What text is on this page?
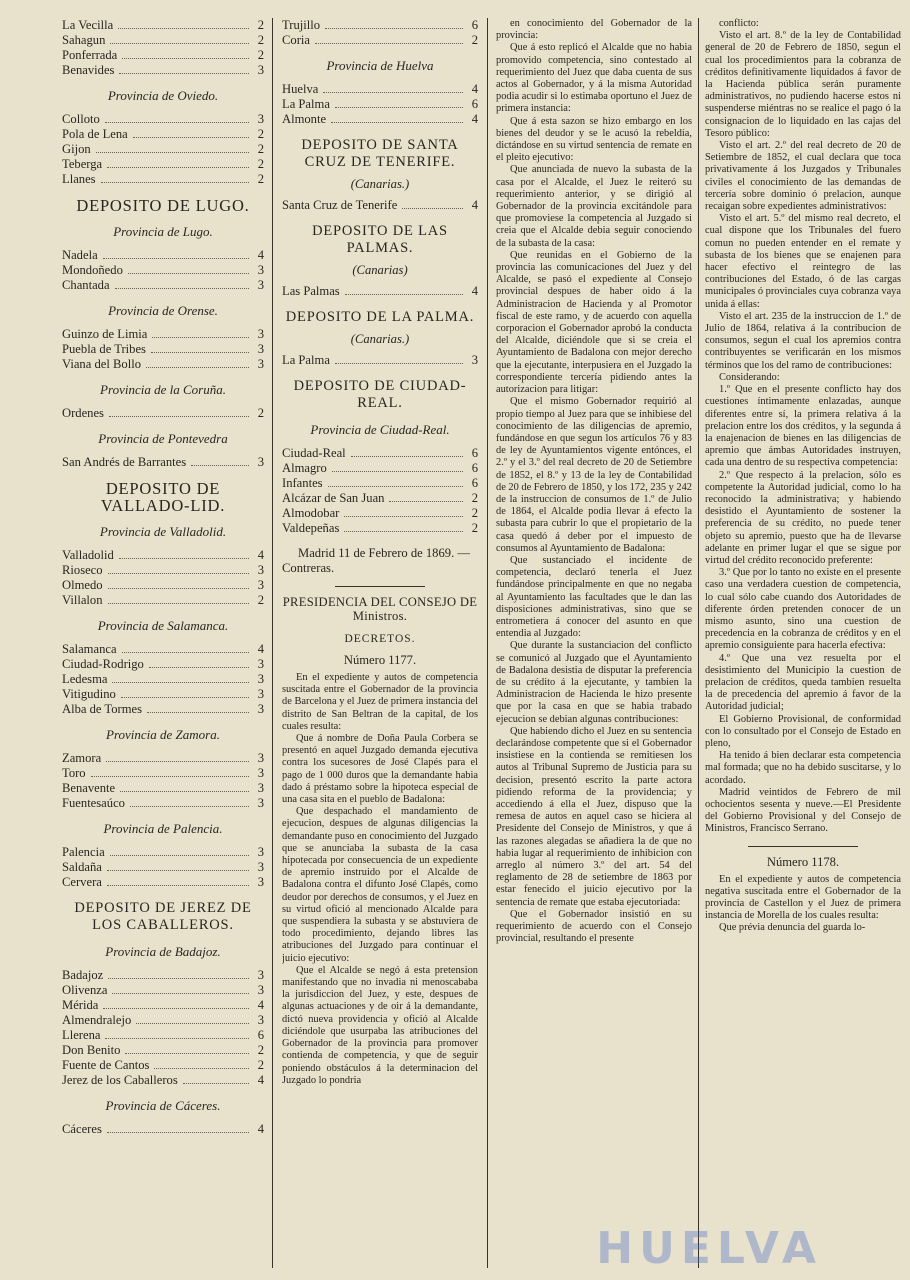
La Vecilla	2
Sahagun	2
Ponferrada	2
Benavides	3
Provincia de Oviedo.
Colloto	3
Pola de Lena	2
Gijon	2
Teberga	2
Llanes	2
DEPOSITO DE LUGO.
Provincia de Lugo.
Nadela	4
Mondoñedo	3
Chantada	3
Provincia de Orense.
Guinzo de Limia	3
Puebla de Tribes	3
Viana del Bollo	3
Provincia de la Coruña.
Ordenes	2
Provincia de Pontevedra
San Andrés de Barrantes	3
DEPOSITO DE VALLADO-LID.
Provincia de Valladolid.
Valladolid	4
Rioseco	3
Olmedo	3
Villalon	2
Provincia de Salamanca.
Salamanca	4
Ciudad-Rodrigo	3
Ledesma	3
Vitigudino	3
Alba de Tormes	3
Provincia de Zamora.
Zamora	3
Toro	3
Benavente	3
Fuentesaúco	3
Provincia de Palencia.
Palencia	3
Saldaña	3
Cervera	3
DEPOSITO DE JEREZ DE LOS CABALLEROS.
Provincia de Badajoz.
Badajoz	3
Olivenza	3
Mérida	4
Almendralejo	3
Llerena	6
Don Benito	2
Fuente de Cantos	2
Jerez de los Caballeros	4
Provincia de Cáceres.
Cáceres	4
Trujillo	6
Coria	2
Provincia de Huelva
Huelva	4
La Palma	6
Almonte	4
DEPOSITO DE SANTA CRUZ DE TENERIFE.
(Canarias.)
Santa Cruz de Tenerife	4
DEPOSITO DE LAS PALMAS.
(Canarias)
Las Palmas	4
DEPOSITO DE LA PALMA.
(Canarias.)
La Palma	3
DEPOSITO DE CIUDAD-REAL.
Provincia de Ciudad-Real.
Ciudad-Real	6
Almagro	6
Infantes	6
Alcázar de San Juan	2
Almodobar	2
Valdepeñas	2

Madrid 11 de Febrero de 1869. —Contreras.

PRESIDENCIA DEL CONSEJO DE Ministros.
DECRETOS.
Número 1177.

En el expediente y autos de competencia suscitada entre el Gobernador de la provincia de Barcelona y el Juez de primera instancia del distrito de San Beltran de la capital, de los cuales resulta:

Que á nombre de Doña Paula Corbera se presentó en aquel Juzgado demanda ejecutiva contra los sucesores de José Clapés para el pago de 1 000 duros que la demandante habia dado á préstamo sobre la hipoteca especial de una casa sita en el pueblo de Badalona:

Que despachado el mandamiento de ejecucion, despues de algunas diligencias la demandante puso en conocimiento del Juzgado que se anunciaba la subasta de la casa hipotecada por consecuencia de un expediente de apremio instruido por el Alcalde de Badalona contra el difunto José Clapés, como deudor por derechos de consumos, y el Juez en su virtud ofició al mencionado Alcalde para que suspendiera la subasta y se abstuviera de todo procedimiento, dejando libres las atribuciones del Juzgado para continuar el juicio ejecutivo:

Que el Alcalde se negó á esta pretension manifestando que no invadia ni menoscababa la jurisdiccion del Juez, y este, despues de algunas actuaciones y de oir á la demandante, dictó nueva providencia y ofició al Alcalde diciéndole que usurpaba las atribuciones del Gobernador de la provincia para promover contienda de competencia, y que de seguir poniendo obstáculos á la determinacion del Juzgado lo pondria

en conocimiento del Gobernador de la provincia:

Que á esto replicó el Alcalde que no habia promovido competencia, sino contestado al requerimiento del Juez que daba cuenta de sus actos al Gobernador, y á la misma Autoridad podia acudir si lo estimaba oportuno el Juez de primera instancia:

Que á esta sazon se hizo embargo en los bienes del deudor y se le acusó la rebeldía, dictándose en su virtud sentencia de remate en el pleito ejecutivo:

Que anunciada de nuevo la subasta de la casa por el Alcalde, el Juez le reiteró su requerimiento anterior, y se dirigió al Gobernador de la provincia excitándole para que promoviese la competencia al Juzgado si creia que el Alcalde debia seguir conociendo de la subasta de la casa:

Que reunidas en el Gobierno de la provincia las comunicaciones del Juez y del Alcalde, se pasó el expediente al Consejo provincial despues de haber oido á la Administracion de Hacienda y al Promotor fiscal de este ramo, y de acuerdo con aquella corporacion el Gobernador aprobó la conducta del Alcalde, diciéndole que si se creia el Ayuntamiento de Badalona con mejor derecho que la ejecutante, interpusiera en el Juzgado la correspondiente tercería pidiendo antes la autorizacion para litigar:

Que el mismo Gobernador requirió al propio tiempo al Juez para que se inhibiese del conocimiento de las diligencias de apremio, fundándose en que segun los artículos 76 y 83 de ley de Ayuntamientos vigente entónces, el 2.º y el 3.º del real decreto de 20 de Setiembre de 1852, el 8.º y 13 de la ley de Contabilidad de 20 de Febrero de 1850, y los 172, 235 y 242 de la instruccion de consumos de 1.º de Julio de 1864, el Alcalde podia llevar á efecto la subasta para cubrir lo que el propietario de la casa quedó á deber por el impuesto de consumos al Ayuntamiento de Badalona:

Que sustanciado el incidente de competencia, declaró tenerla el Juez fundándose principalmente en que no negaba al Ayuntamiento las facultades que le dan las disposiciones administrativas, sino que se entrometiera á conocer del asunto en que entendia al Juzgado:

Que durante la sustanciacion del conflicto se comunicó al Juzgado que el Ayuntamiento de Badalona desistia de disputar la preferencia de su crédito á la ejecutante, y tambien la Administracion de Hacienda le hizo presente que por la casa en que se habia trabado ejecucion se debian algunas contribuciones:

Que habiendo dicho el Juez en su sentencia declarándose competente que si el Gobernador insistiese en la contienda se remitiesen los autos al Tribunal Supremo de Justicia para su decision, presentó escrito la parte actora pidiendo reforma de la providencia; y accediendo á ella el Juez, dispuso que la remesa de autos en aquel caso se hiciera al Presidente del Consejo de Ministros, y que á las razones alegadas se añadiera la de que no habia lugar al requerimiento de inhibicion con arreglo al número 3.º del art. 54 del reglamento de 28 de setiembre de 1863 por estar fenecido el juicio ejecutivo por la sentencia de remate que estaba ejecutoriada:

Que el Gobernador insistió en su requerimiento de acuerdo con el Consejo provincial, resultando el presente

conflicto:

Visto el art. 8.º de la ley de Contabilidad general de 20 de Febrero de 1850, segun el cual los procedimientos para la cobranza de créditos definitivamente liquidados á favor de la Hacienda pública serán puramente administrativos, no pudiendo hacerse estos ni suspenderse miéntras no se realice el pago ó la consignacion de lo liquidado en las cajas del Tesoro público:

Visto el art. 2.º del real decreto de 20 de Setiembre de 1852, el cual declara que toca privativamente á los Juzgados y Tribunales civiles el conocimiento de las demandas de tercería sobre dominio ó prelacion, aunque recaigan sobre expedientes administrativos:

Visto el art. 5.º del mismo real decreto, el cual dispone que los Tribunales del fuero comun no pueden entender en el remate y subasta de los bienes que se enajenen para hacer efectivo el reintegro de las contribuciones del Estado, ó de las cargas municipales ó provinciales cuya cobranza vaya unida á ellas:

Visto el art. 235 de la instruccion de 1.º de Julio de 1864, relativa á la contribucion de consumos, segun el cual los apremios contra contribuyentes se verificarán en los mismos términos que los del ramo de contribuciones:

Considerando:

1.º Que en el presente conflicto hay dos cuestiones íntimamente enlazadas, aunque diferentes entre sí, la primera relativa á la prelacion entre los dos créditos, y la segunda á la enajenacion de bienes en las diligencias de apremio que ámbas Autoridades instruyen, cada una dentro de su respectiva competencia:

2.º Que respecto á la prelacion, sólo es competente la Autoridad judicial, como lo ha reconocido la administrativa; y habiendo desistido el Ayuntamiento de sostener la preferencia de su crédito, no puede tener objeto su apremio, puesto que ha de llevarse adelante en primer lugar el que se sigue por virtud del crédito reconocido preferente:

3.º Que por lo tanto no existe en el presente caso una verdadera cuestion de competencia, lo cual sólo cabe cuando dos Autoridades de diferente órden pretenden conocer de un mismo asunto, sino una cuestion de precedencia en la cobranza de créditos y en el apremio consiguiente para hacerla efectiva:

4.º Que una vez resuelta por el desistimiento del Municipio la cuestion de prelacion de créditos, queda tambien resuelta la de precedencia del apremio á favor de la Autoridad judicial;

El Gobierno Provisional, de conformidad con lo consultado por el Consejo de Estado en pleno,

Ha tenido á bien declarar esta competencia mal formada; que no ha debido suscitarse, y lo acordado.

Madrid veintidos de Febrero de mil ochocientos sesenta y nueve.—El Presidente del Gobierno Provisional y del Consejo de Ministros, Francisco Serrano.

Número 1178.

En el expediente y autos de competencia negativa suscitada entre el Gobernador de la provincia de Castellon y el Juez de primera instancia de Morella de los cuales resulta:

Que prévia denuncia del guarda lo-

HUELVA
